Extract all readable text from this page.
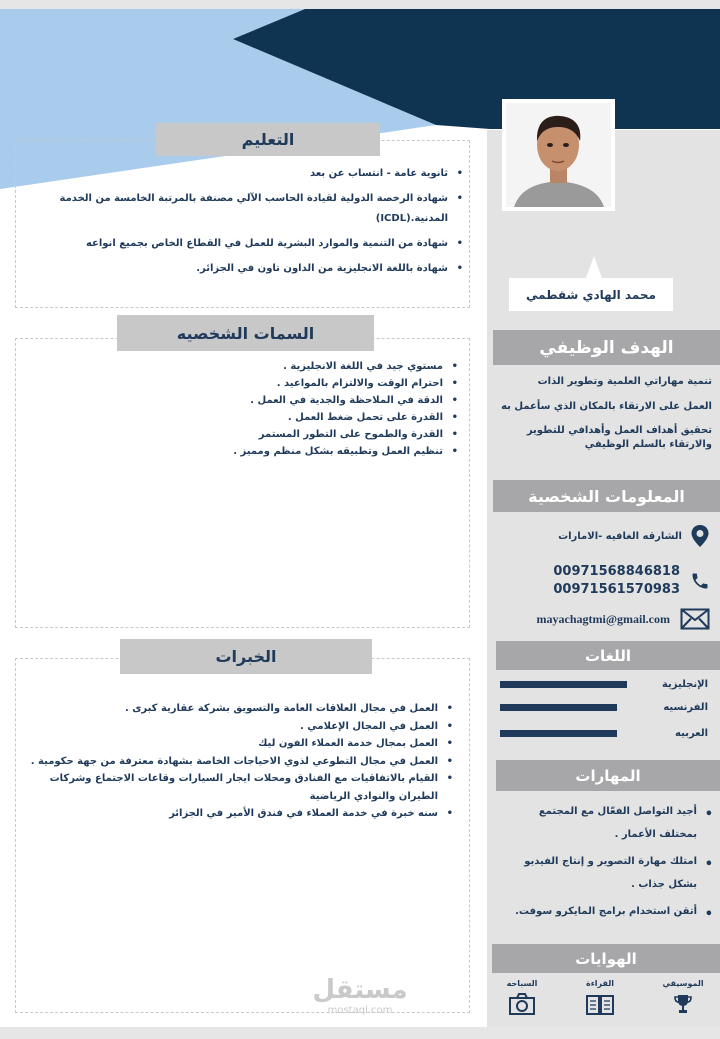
محمد الهادي شقطمي
الهدف الوظيفي

تنمية مهاراتي العلمية وتطوير الذات

العمل على الارتقاء بالمكان الذي سأعمل به

تحقيق أهداف العمل وأهدافي للتطوير والارتقاء بالسلم الوظيفي

المعلومات الشخصية
الشارقه الغافيه -الامارات
00971568846818
00971561570983
mayachagtmi@gmail.com
اللغات
الإنجليزية
الفرنسيه
العربيه
المهارات
• أجيد التواصل الفعّال مع المجتمع بمختلف الأعمار .
• امتلك مهارة التصوير و إنتاج الفيديو بشكل جذاب .
• أتقن استخدام برامج المايكرو سوفت.
الهوايات
الموسيقي
القراءة
السباحه
التعليم
• ثانوية عامة - انتساب عن بعد
• شهادة الرخصة الدولية لقيادة الحاسب الآلي مصنفة بالمرتبة الخامسة من الخدمة المدنية.(ICDL)
• شهادة من التنمية والموارد البشرية للعمل في القطاع الخاص بجميع انواعه
• شهادة باللغة الانجليزية من الداون تاون في الجزائر.
السمات الشخصيه
• مستوي جيد في اللغة الانجليزية .
• احترام الوقت والالتزام بالمواعيد .
• الدقة في الملاحظة والجدية في العمل .
• القدرة على تحمل ضغط العمل .
• القدرة والطموح على التطور المستمر
• تنظيم العمل وتطبيقه بشكل منظم ومميز .
الخبرات
• العمل في مجال العلاقات العامة والتسويق بشركة عقارية كبرى .
• العمل في المجال الإعلامي .
• العمل بمجال خدمة العملاء الفون ليك
• العمل في مجال التطوعي لذوي الاحياجات الخاصة بشهادة معترفة من جهة حكومية .
• القيام بالاتفاقيات مع الفنادق ومحلات ايجار السيارات وقاعات الاجتماع وشركات الطيران والنوادي الرياضية
• سنه خبرة في خدمة العملاء في فندق الأمير في الجزائر
مستقل
mostaql.com
